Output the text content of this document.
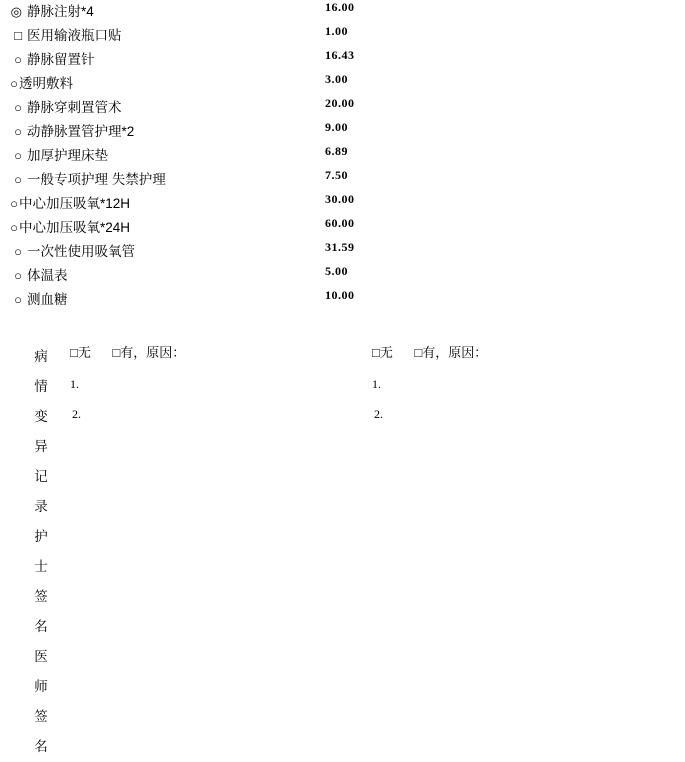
◎ 静脉注射*4	16.00
□ 医用输液瓶口贴	1.00
○ 静脉留置针	16.43
○ 透明敷料	3.00
○ 静脉穿刺置管术	20.00
○ 动静脉置管护理*2	9.00
○ 加厚护理床垫	6.89
○ 一般专项护理 失禁护理	7.50
○ 中心加压吸氧*12H	30.00
○ 中心加压吸氧*24H	60.00
○ 一次性使用吸氧管	31.59
○ 体温表	5.00
○ 测血糖	10.00
病
情
变
异
记
录
护
士
签
名
医
师
签
名
□无 □有，原因：
1.
2.
□无 □有，原因：
1.
2.
